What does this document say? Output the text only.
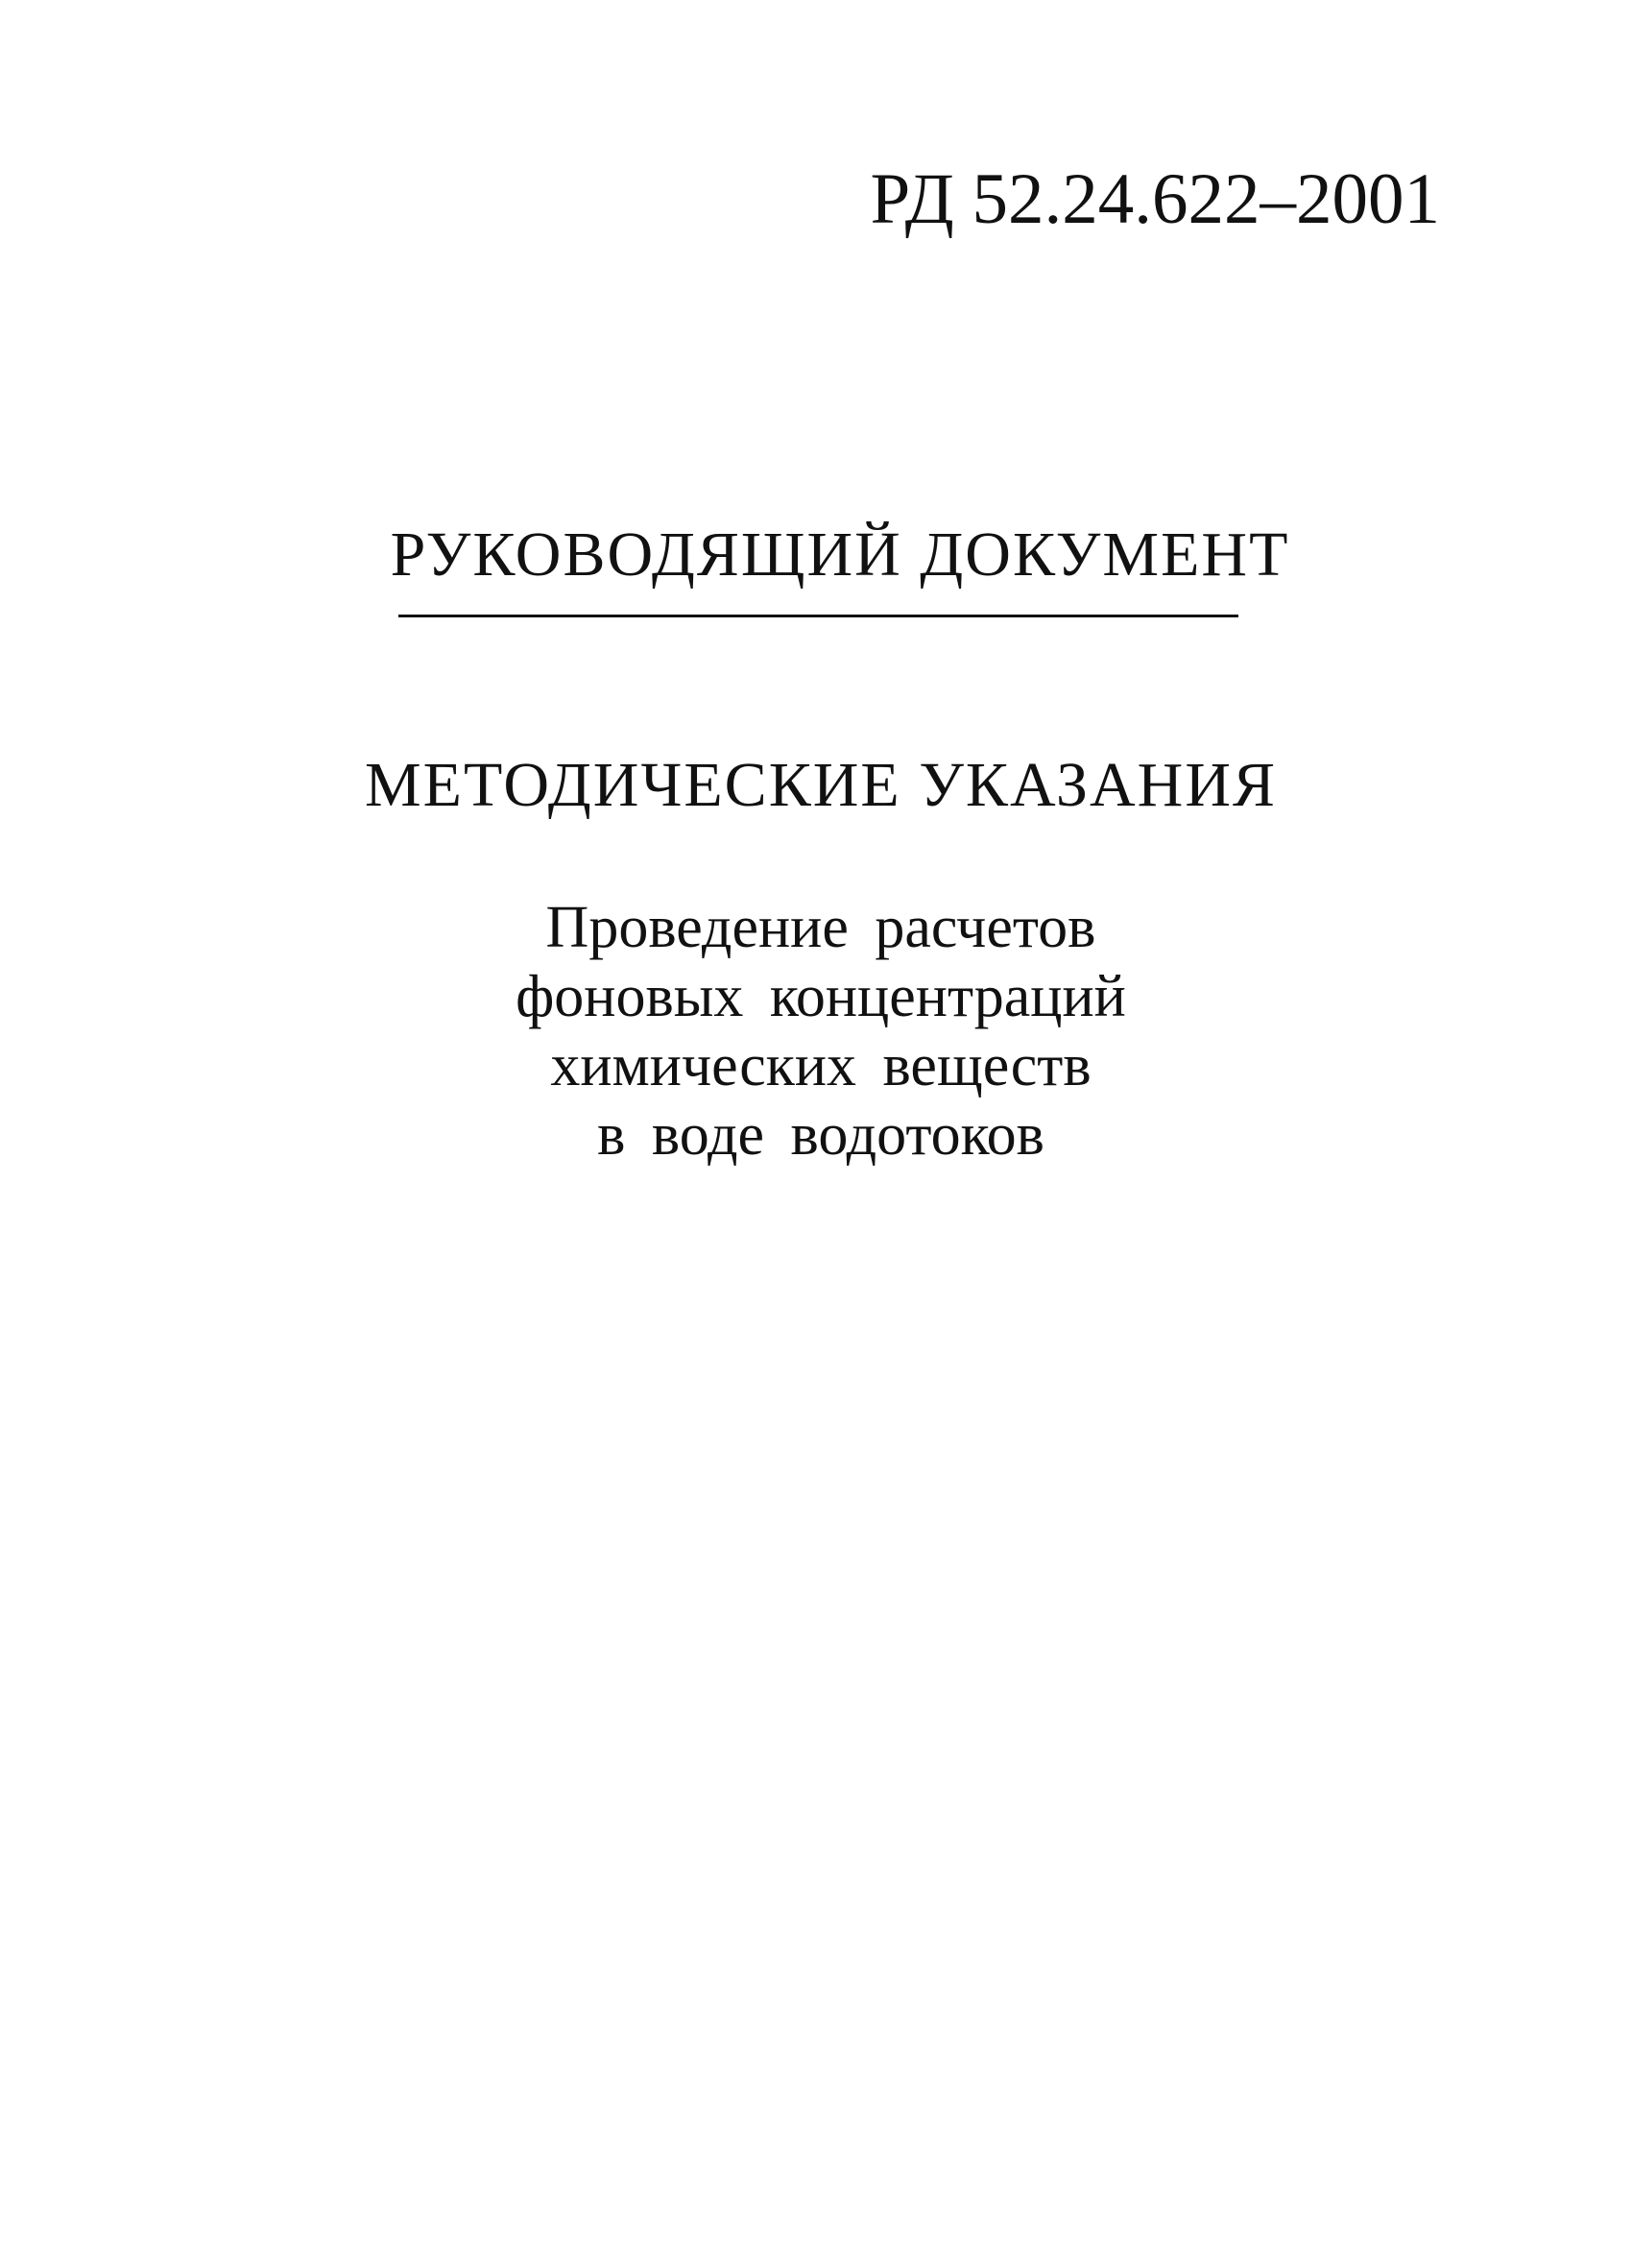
РД 52.24.622–2001
РУКОВОДЯЩИЙ ДОКУМЕНТ
МЕТОДИЧЕСКИЕ УКАЗАНИЯ
Проведение расчетов
фоновых концентраций
химических веществ
в воде водотоков
